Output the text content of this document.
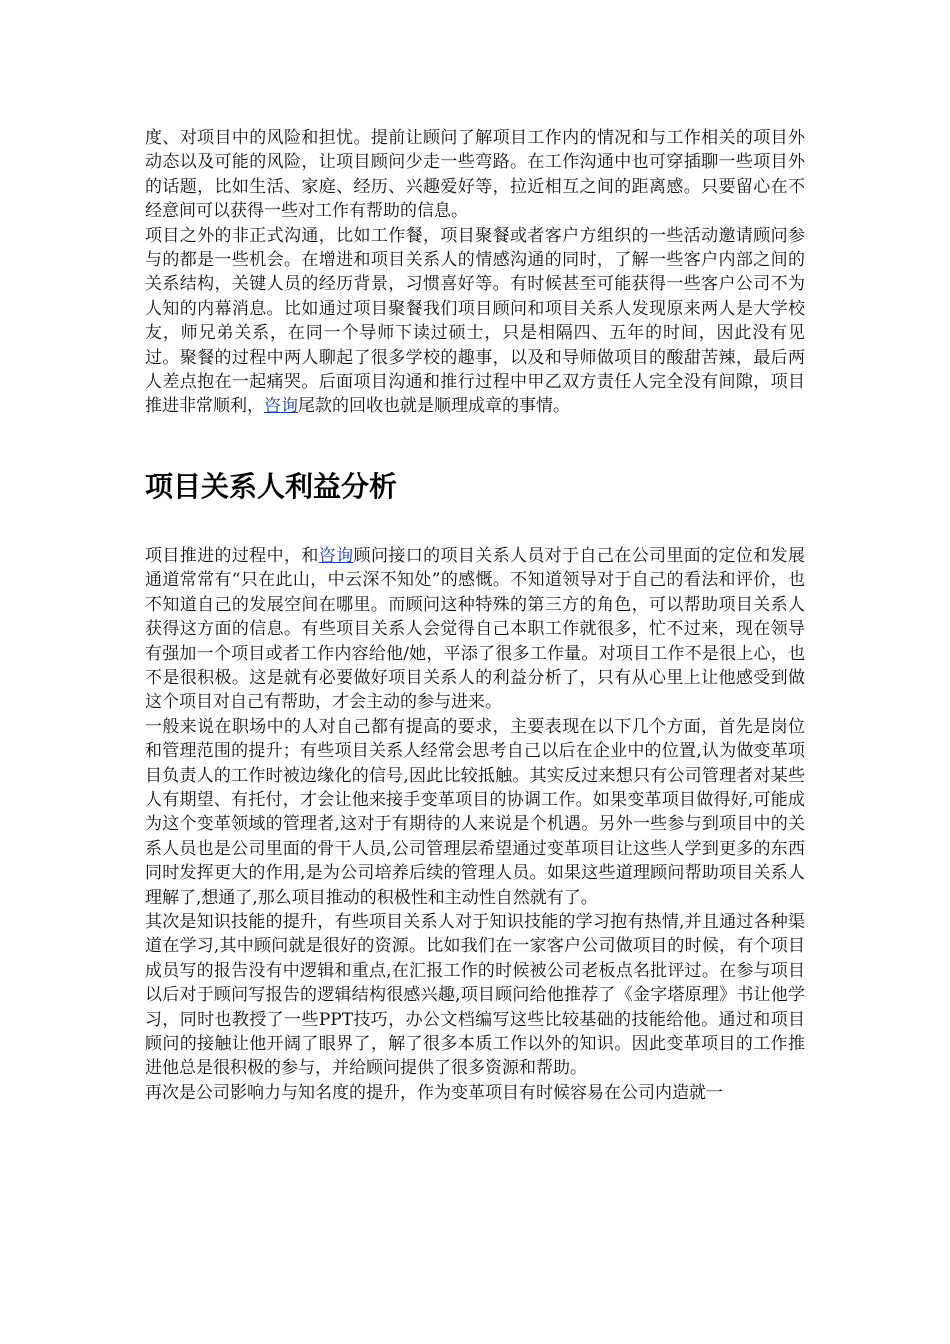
度、对项目中的风险和担忧。提前让顾问了解项目工作内的情况和与工作相关的项目外动态以及可能的风险，让项目顾问少走一些弯路。在工作沟通中也可穿插聊一些项目外的话题，比如生活、家庭、经历、兴趣爱好等，拉近相互之间的距离感。只要留心在不经意间可以获得一些对工作有帮助的信息。

项目之外的非正式沟通，比如工作餐，项目聚餐或者客户方组织的一些活动邀请顾问参与的都是一些机会。在增进和项目关系人的情感沟通的同时，了解一些客户内部之间的关系结构，关键人员的经历背景，习惯喜好等。有时候甚至可能获得一些客户公司不为人知的内幕消息。比如通过项目聚餐我们项目顾问和项目关系人发现原来两人是大学校友，师兄弟关系，在同一个导师下读过硕士，只是相隔四、五年的时间，因此没有见过。聚餐的过程中两人聊起了很多学校的趣事，以及和导师做项目的酸甜苦辣，最后两人差点抱在一起痛哭。后面项目沟通和推行过程中甲乙双方责任人完全没有间隙，项目推进非常顺利，咨询尾款的回收也就是顺理成章的事情。

项目关系人利益分析

项目推进的过程中，和咨询顾问接口的项目关系人员对于自己在公司里面的定位和发展通道常常有“只在此山，中云深不知处”的感慨。不知道领导对于自己的看法和评价，也不知道自己的发展空间在哪里。而顾问这种特殊的第三方的角色，可以帮助项目关系人获得这方面的信息。有些项目关系人会觉得自己本职工作就很多，忙不过来，现在领导有强加一个项目或者工作内容给他/她，平添了很多工作量。对项目工作不是很上心，也不是很积极。这是就有必要做好项目关系人的利益分析了，只有从心里上让他感受到做这个项目对自己有帮助，才会主动的参与进来。

一般来说在职场中的人对自己都有提高的要求，主要表现在以下几个方面，首先是岗位和管理范围的提升；有些项目关系人经常会思考自己以后在企业中的位置,认为做变革项目负责人的工作时被边缘化的信号,因此比较抵触。其实反过来想只有公司管理者对某些人有期望、有托付，才会让他来接手变革项目的协调工作。如果变革项目做得好,可能成为这个变革领域的管理者,这对于有期待的人来说是个机遇。另外一些参与到项目中的关系人员也是公司里面的骨干人员,公司管理层希望通过变革项目让这些人学到更多的东西同时发挥更大的作用,是为公司培养后续的管理人员。如果这些道理顾问帮助项目关系人理解了,想通了,那么项目推动的积极性和主动性自然就有了。

其次是知识技能的提升，有些项目关系人对于知识技能的学习抱有热情,并且通过各种渠道在学习,其中顾问就是很好的资源。比如我们在一家客户公司做项目的时候，有个项目成员写的报告没有中逻辑和重点,在汇报工作的时候被公司老板点名批评过。在参与项目以后对于顾问写报告的逻辑结构很感兴趣,项目顾问给他推荐了《金字塔原理》书让他学习，同时也教授了一些PPT技巧，办公文档编写这些比较基础的技能给他。通过和项目顾问的接触让他开阔了眼界了，解了很多本质工作以外的知识。因此变革项目的工作推进他总是很积极的参与，并给顾问提供了很多资源和帮助。

再次是公司影响力与知名度的提升，作为变革项目有时候容易在公司内造就一
